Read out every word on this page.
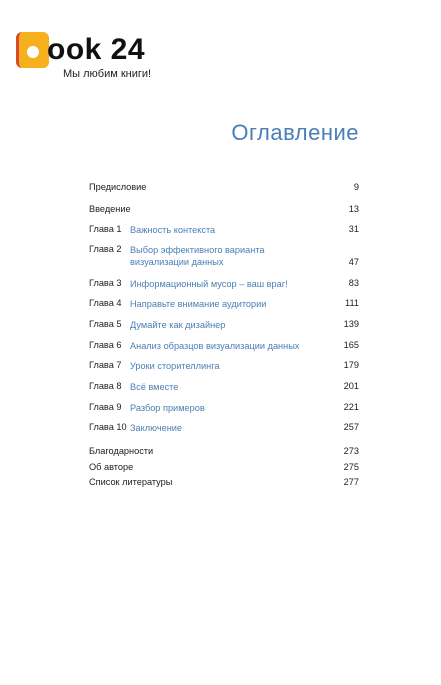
ook 24
Мы любим книги!
Оглавление
Предисловие	9
Введение	13
Глава 1 Важность контекста	31
Глава 2 Выбор эффективного варианта
визуализации данных	47
Глава 3 Информационный мусор – ваш враг!	83
Глава 4 Направьте внимание аудитории	111
Глава 5 Думайте как дизайнер	139
Глава 6 Анализ образцов визуализации данных	165
Глава 7 Уроки сторителлинга	179
Глава 8 Всё вместе	201
Глава 9 Разбор примеров	221
Глава 10 Заключение	257
Благодарности	273
Об авторе	275
Список литературы	277
